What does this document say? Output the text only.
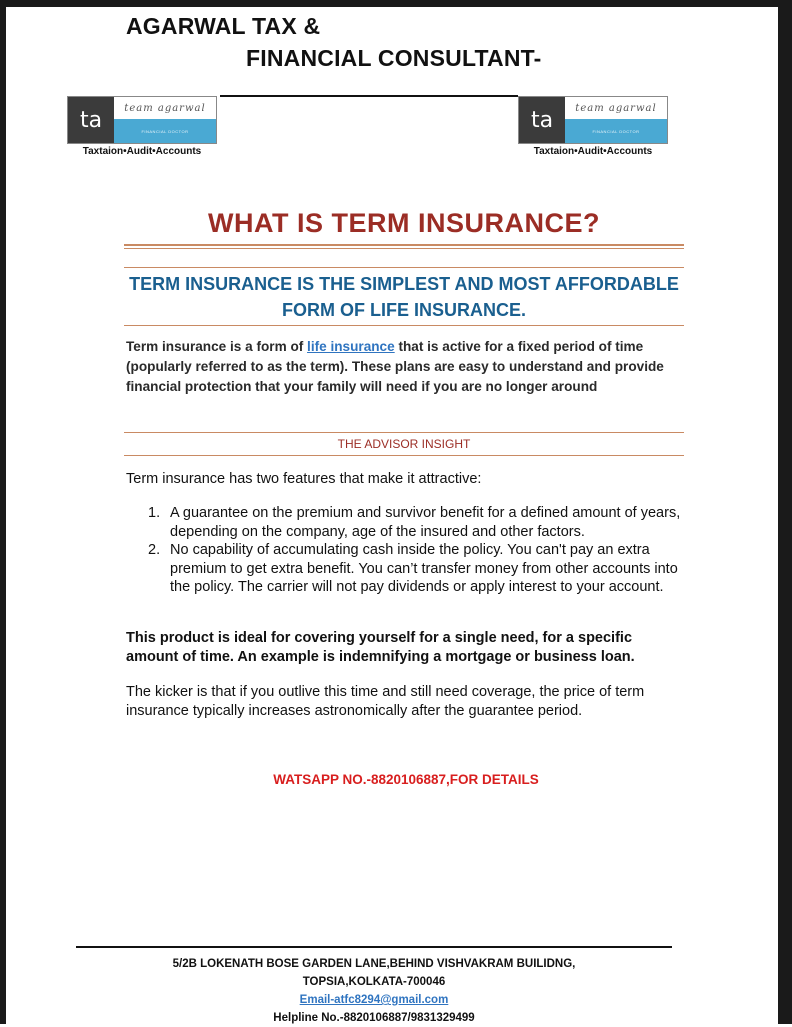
AGARWAL TAX &
FINANCIAL CONSULTANT-
ta	team agarwal
FINANCIAL DOCTOR
Taxtaion•Audit•Accounts
ta	team agarwal
FINANCIAL DOCTOR
Taxtaion•Audit•Accounts
WHAT IS TERM INSURANCE?
TERM INSURANCE IS THE SIMPLEST AND MOST AFFORDABLE
FORM OF LIFE INSURANCE.
Term insurance is a form of life insurance that is active for a fixed period of time (popularly referred to as the term). These plans are easy to understand and provide financial protection that your family will need if you are no longer around
THE ADVISOR INSIGHT
Term insurance has two features that make it attractive:
1. A guarantee on the premium and survivor benefit for a defined amount of years, depending on the company, age of the insured and other factors.
2. No capability of accumulating cash inside the policy. You can't pay an extra premium to get extra benefit. You can’t transfer money from other accounts into the policy. The carrier will not pay dividends or apply interest to your account.
This product is ideal for covering yourself for a single need, for a specific amount of time. An example is indemnifying a mortgage or business loan.
The kicker is that if you outlive this time and still need coverage, the price of term insurance typically increases astronomically after the guarantee period.
WATSAPP NO.-8820106887,FOR DETAILS
5/2B LOKENATH BOSE GARDEN LANE,BEHIND VISHVAKRAM BUILIDNG,
TOPSIA,KOLKATA-700046
Email-atfc8294@gmail.com
Helpline No.-8820106887/9831329499
